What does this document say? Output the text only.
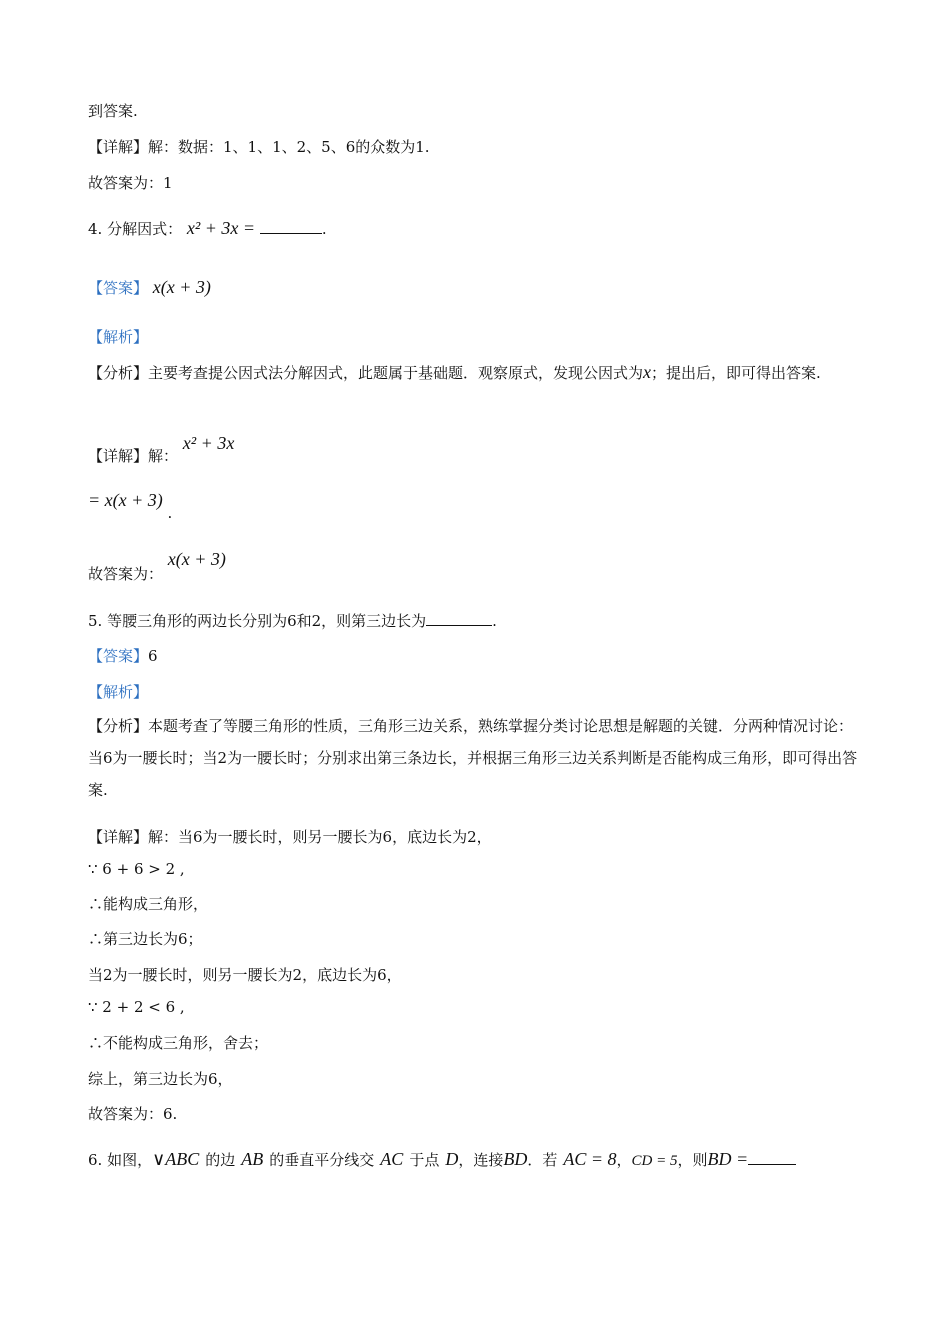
到答案.
【详解】解：数据：1、1、1、2、5、6的众数为1.
故答案为：1
4. 分解因式： x² + 3x =	.
【答案】 x(x + 3)
【解析】
【分析】主要考查提公因式法分解因式，此题属于基础题．观察原式，发现公因式为x；提出后，即可得出答案.
【详解】解： x² + 3x
= x(x + 3) .
故答案为： x(x + 3)
5. 等腰三角形的两边长分别为6和2，则第三边长为	.
【答案】6
【解析】
【分析】本题考查了等腰三角形的性质，三角形三边关系，熟练掌握分类讨论思想是解题的关键．分两种情况讨论：当6为一腰长时；当2为一腰长时；分别求出第三条边长，并根据三角形三边关系判断是否能构成三角形，即可得出答案.
【详解】解：当6为一腰长时，则另一腰长为6，底边长为2，
∵ 6 + 6 > 2 ,
∴能构成三角形，
∴第三边长为6；
当2为一腰长时，则另一腰长为2，底边长为6，
∵ 2 + 2 < 6 ,
∴不能构成三角形，舍去；
综上，第三边长为6，
故答案为：6.
6. 如图，∨ABC 的边 AB 的垂直平分线交 AC 于点 D，连接BD．若 AC = 8，CD = 5，则BD =
